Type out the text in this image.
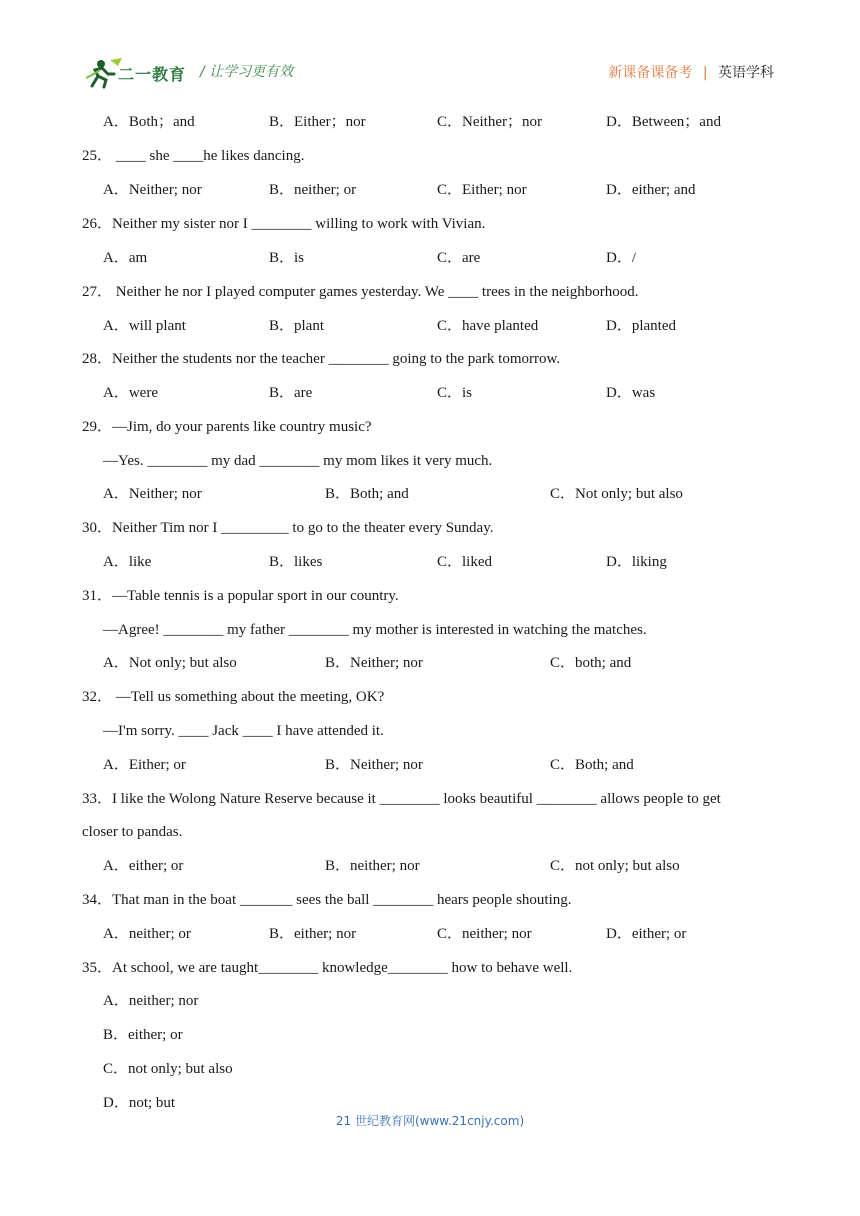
二一教育 / 让学习更有效	新课备课备考 | 英语学科
A．Both；and	B．Either；nor	C．Neither；nor	D．Between；and
25． ____ she ____he likes dancing.
A．Neither; nor	B．neither; or	C．Either; nor	D．either; and
26．Neither my sister nor I ________ willing to work with Vivian.
A．am	B．is	C．are	D．/
27． Neither he nor I played computer games yesterday. We ____ trees in the neighborhood.
A．will plant	B．plant	C．have planted	D．planted
28．Neither the students nor the teacher ________ going to the park tomorrow.
A．were	B．are	C．is	D．was
29．—Jim, do your parents like country music?
—Yes. ________ my dad ________ my mom likes it very much.
A．Neither; nor	B．Both; and	C．Not only; but also
30．Neither Tim nor I _________ to go to the theater every Sunday.
A．like	B．likes	C．liked	D．liking
31．—Table tennis is a popular sport in our country.
—Agree! ________ my father ________ my mother is interested in watching the matches.
A．Not only; but also	B．Neither; nor	C．both; and
32． —Tell us something about the meeting, OK?
—I'm sorry. ____ Jack ____ I have attended it.
A．Either; or	B．Neither; nor	C．Both; and
33．I like the Wolong Nature Reserve because it ________ looks beautiful ________ allows people to get
closer to pandas.
A．either; or	B．neither; nor	C．not only; but also
34．That man in the boat _______ sees the ball ________ hears people shouting.
A．neither; or	B．either; nor	C．neither; nor	D．either; or
35．At school, we are taught________ knowledge________ how to behave well.
A．neither; nor
B．either; or
C．not only; but also
D．not; but
21 世纪教育网(www.21cnjy.com)
